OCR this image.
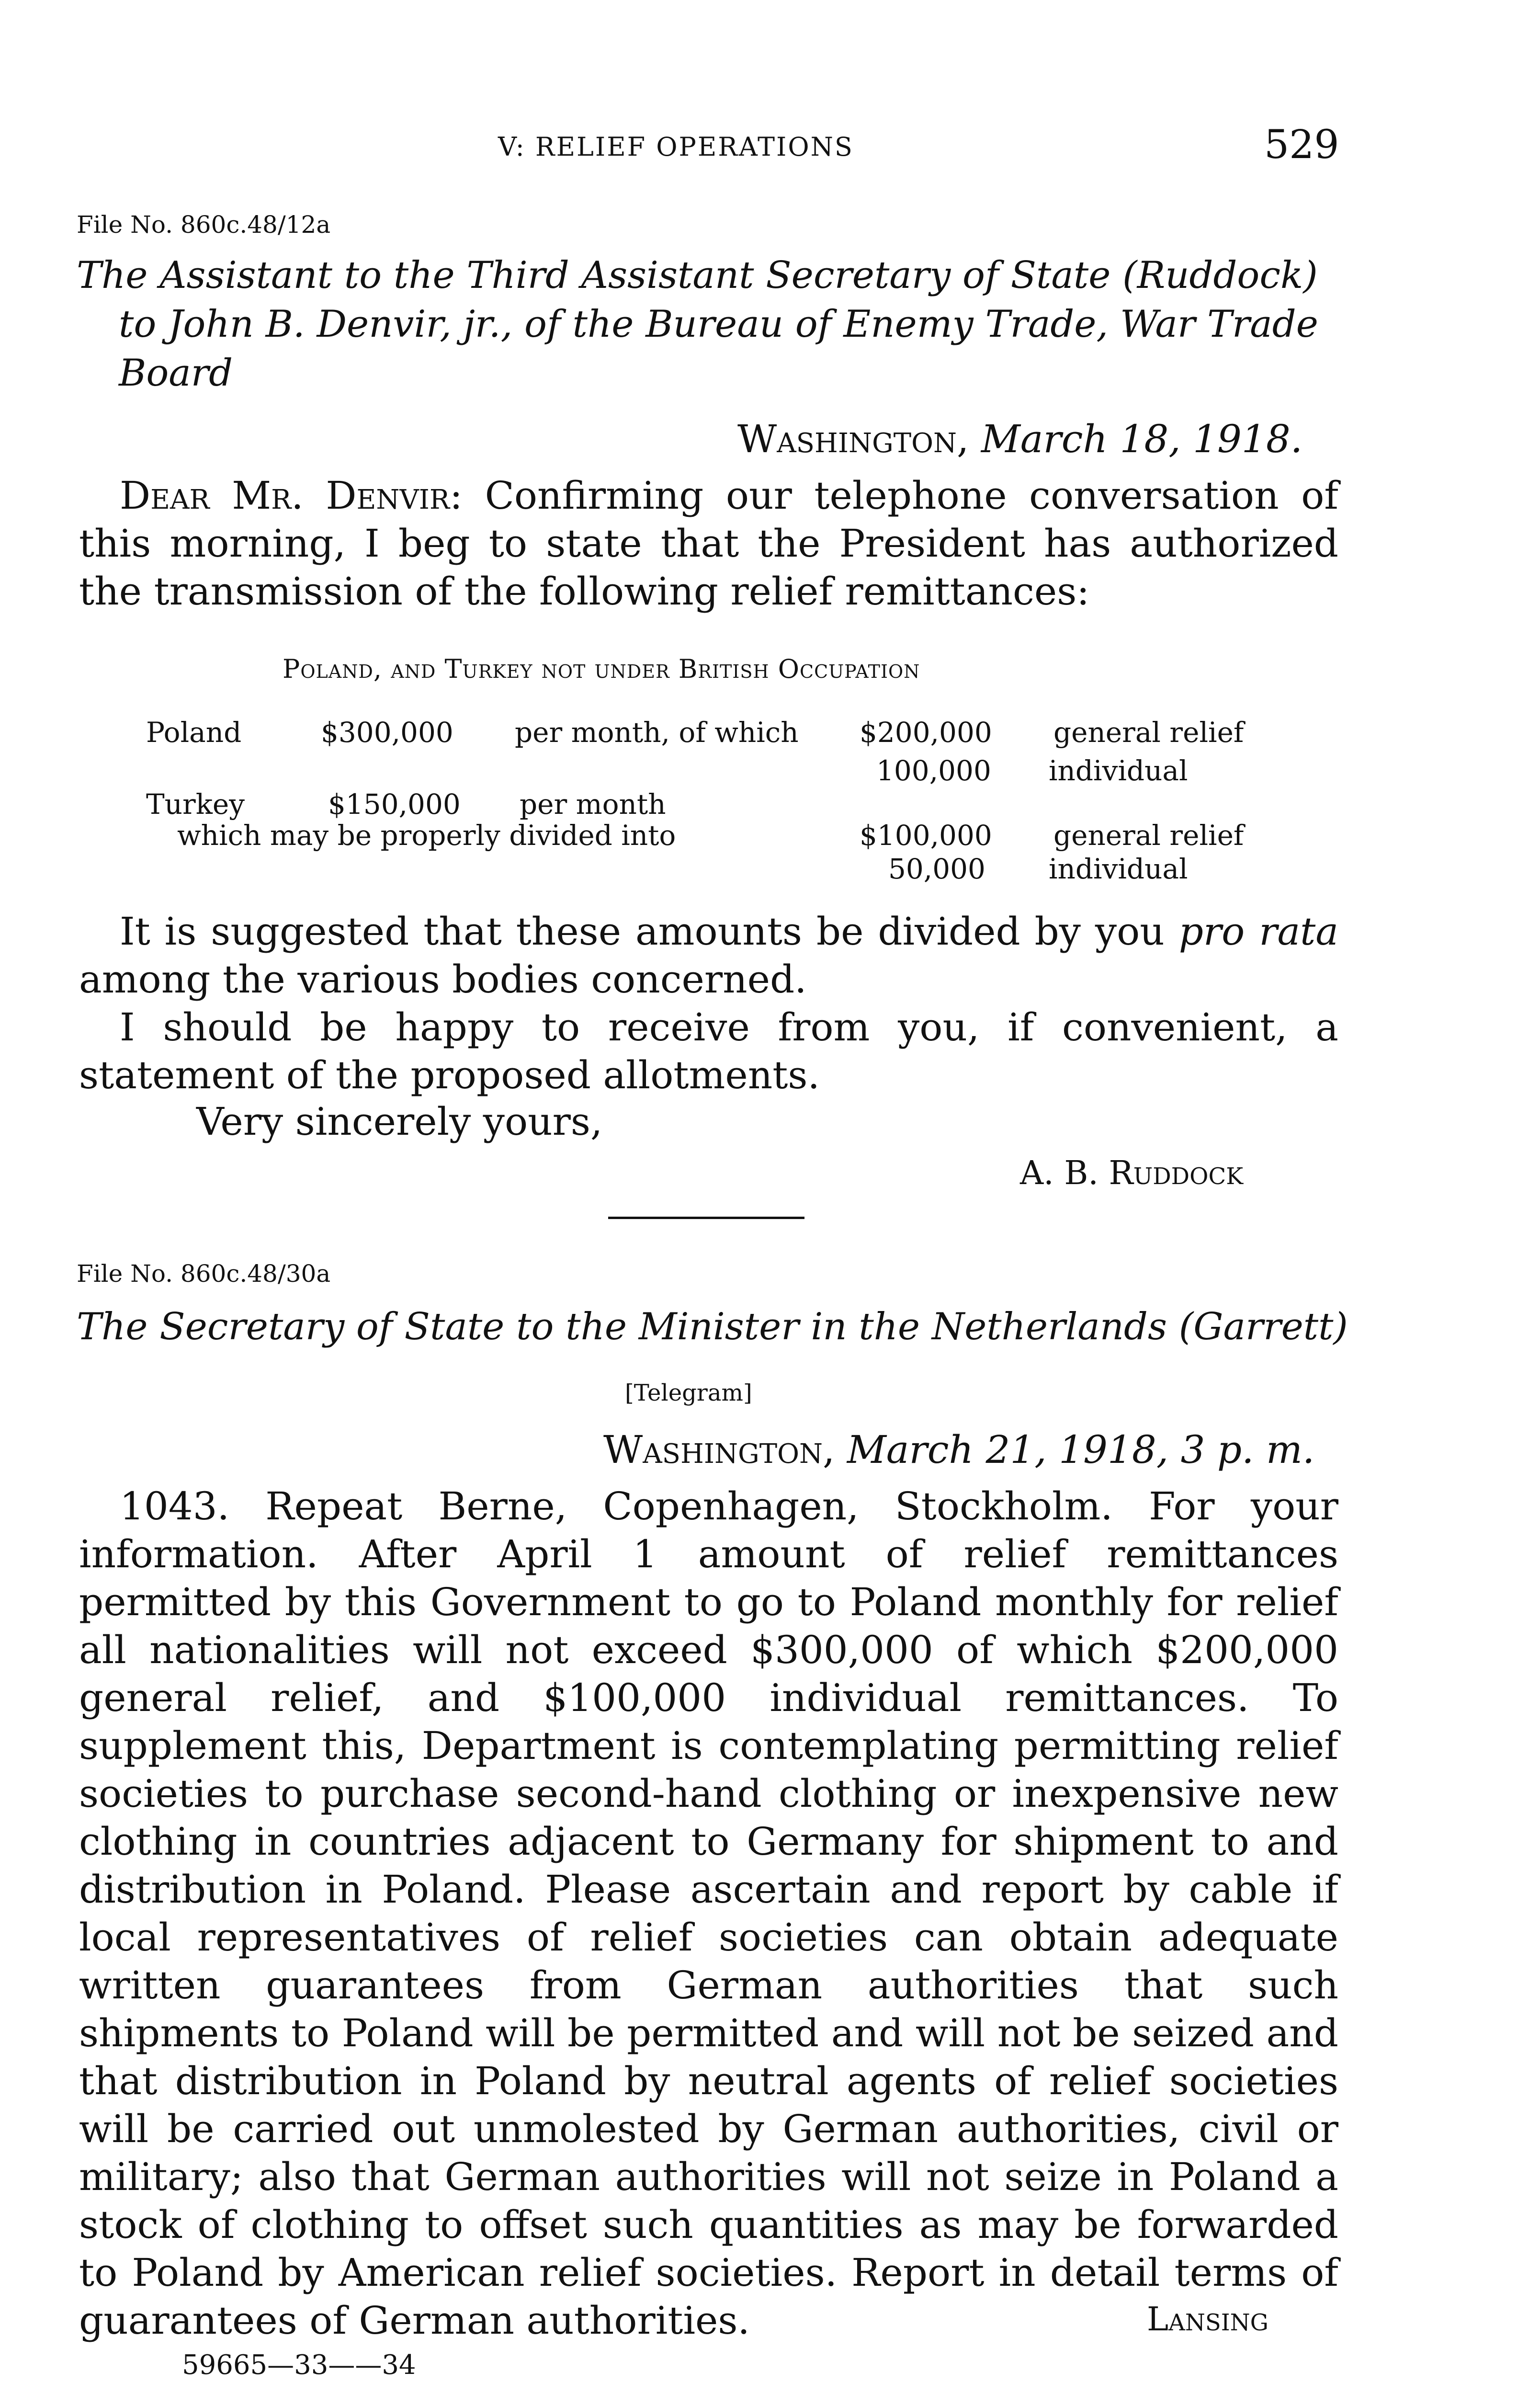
V: RELIEF OPERATIONS	529
File No. 860c.48/12a
The Assistant to the Third Assistant Secretary of State (Ruddock)
to John B. Denvir, jr., of the Bureau of Enemy Trade, War Trade
Board
Washington, March 18, 1918.
Dear Mr. Denvir: Confirming our telephone conversation of this morning, I beg to state that the President has authorized the transmission of the following relief remittances:
Poland, and Turkey not under British Occupation
Poland	$300,000 per month, of which $200,000 general relief
100,000 individual
Turkey	$150,000 per month
which may be properly divided into	$100,000 general relief
50,000 individual
It is suggested that these amounts be divided by you pro rata among the various bodies concerned.
I should be happy to receive from you, if convenient, a statement of the proposed allotments.
Very sincerely yours,
A. B. Ruddock
File No. 860c.48/30a
The Secretary of State to the Minister in the Netherlands (Garrett)
[Telegram]
Washington, March 21, 1918, 3 p. m.
1043. Repeat Berne, Copenhagen, Stockholm. For your information. After April 1 amount of relief remittances permitted by this Government to go to Poland monthly for relief all nationalities will not exceed $300,000 of which $200,000 general relief, and $100,000 individual remittances. To supplement this, Department is contemplating permitting relief societies to purchase second-hand clothing or inexpensive new clothing in countries adjacent to Germany for shipment to and distribution in Poland. Please ascertain and report by cable if local representatives of relief societies can obtain adequate written guarantees from German authorities that such shipments to Poland will be permitted and will not be seized and that distribution in Poland by neutral agents of relief societies will be carried out unmolested by German authorities, civil or military; also that German authorities will not seize in Poland a stock of clothing to offset such quantities as may be forwarded to Poland by American relief societies. Report in detail terms of guarantees of German authorities.	Lansing
59665—33——34
